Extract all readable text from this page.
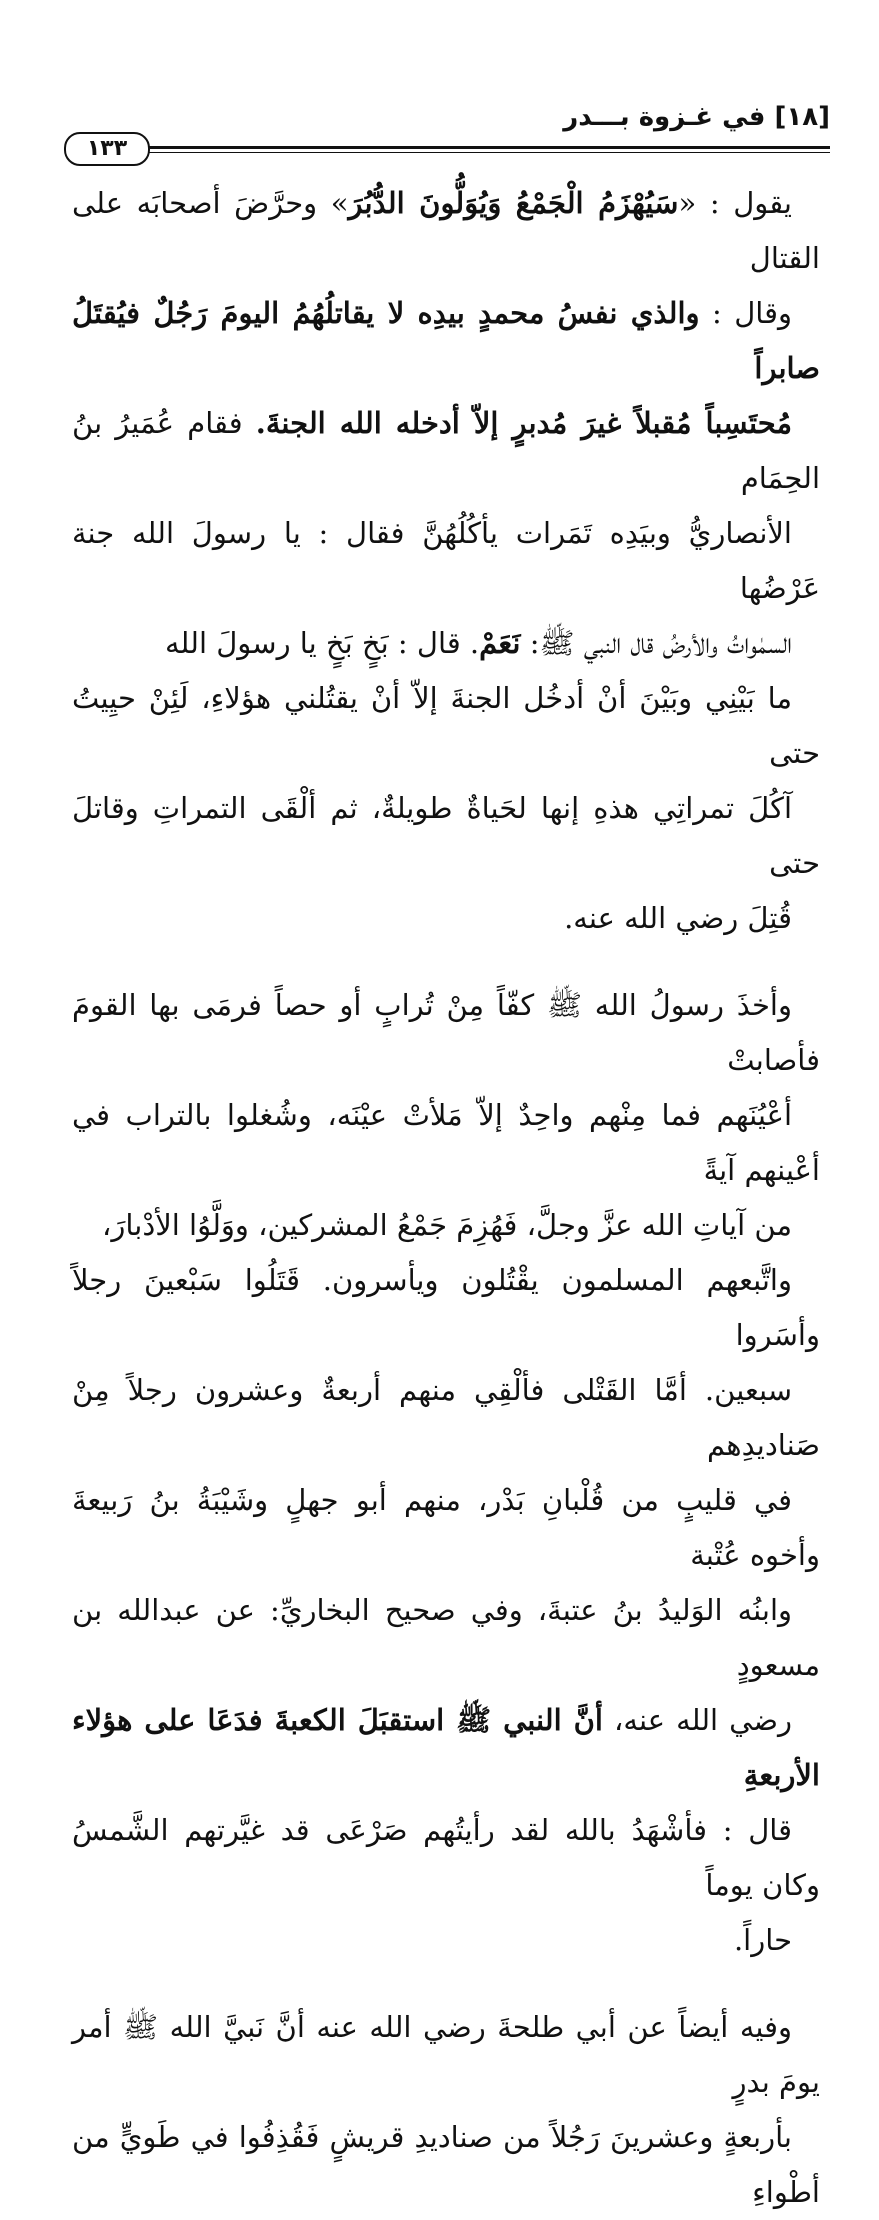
[١٨] في غـزوة بـــدر
١٣٣

يقول : «سَيُهْزَمُ الْجَمْعُ وَيُوَلُّونَ الدُّبُرَ» وحرَّضَ أصحابَه على القتال
وقال : والذي نفسُ محمدٍ بيدِه لا يقاتلُهُمُ اليومَ رَجُلٌ فيُقتَلُ صابراً
مُحتَسِباً مُقبلاً غيرَ مُدبرٍ إلاّ أدخله الله الجنةَ. فقام عُمَيرُ بنُ الحِمَام
الأنصاريُّ وبيَدِه تَمَرات يأكُلُهُنَّ فقال : يا رسولَ الله جنة عَرْضُها
السمٰواتُ والأرضُ قال النبي ﷺ: نَعَمْ. قال : بَخٍ بَخٍ يا رسولَ الله
ما بَيْنِي وبَيْنَ أنْ أدخُل الجنةَ إلاّ أنْ يقتُلني هؤلاءِ، لَئِنْ حيِيتُ حتى
آكُلَ تمراتِي هذهِ إنها لحَياةٌ طويلةٌ، ثم ألْقَى التمراتِ وقاتلَ حتى
قُتِلَ رضي الله عنه.

وأخذَ رسولُ الله ﷺ كفّاً مِنْ تُرابٍ أو حصاً فرمَى بها القومَ فأصابتْ
أعْيُنَهم فما مِنْهم واحِدٌ إلاّ مَلأتْ عيْنَه، وشُغلوا بالتراب في أعْينهم آيةً
من آياتِ الله عزَّ وجلَّ، فَهُزِمَ جَمْعُ المشركين، ووَلَّوُا الأدْبارَ،
واتَّبعهم المسلمون يقْتُلون ويأسرون. قَتَلُوا سَبْعينَ رجلاً وأسَروا
سبعين. أمَّا القَتْلى فألْقِي منهم أربعةٌ وعشرون رجلاً مِنْ صَناديدِهم
في قليبٍ من قُلْبانِ بَدْر، منهم أبو جهلٍ وشَيْبَةُ بنُ رَبيعةَ وأخوه عُتْبة
وابنُه الوَليدُ بنُ عتبةَ، وفي صحيح البخاريِّ: عن عبدالله بن مسعودٍ
رضي الله عنه، أنَّ النبي ﷺ استقبَلَ الكعبةَ فدَعَا على هؤلاء الأربعةِ
قال : فأشْهَدُ بالله لقد رأيتُهم صَرْعَى قد غيَّرتهم الشَّمسُ وكان يوماً
حاراً.

وفيه أيضاً عن أبي طلحةَ رضي الله عنه أنَّ نَبيَّ الله ﷺ أمر يومَ بدرٍ
بأربعةٍ وعشرينَ رَجُلاً من صناديدِ قريشٍ فَقُذِفُوا في طَويٍّ من أطْواءِ
